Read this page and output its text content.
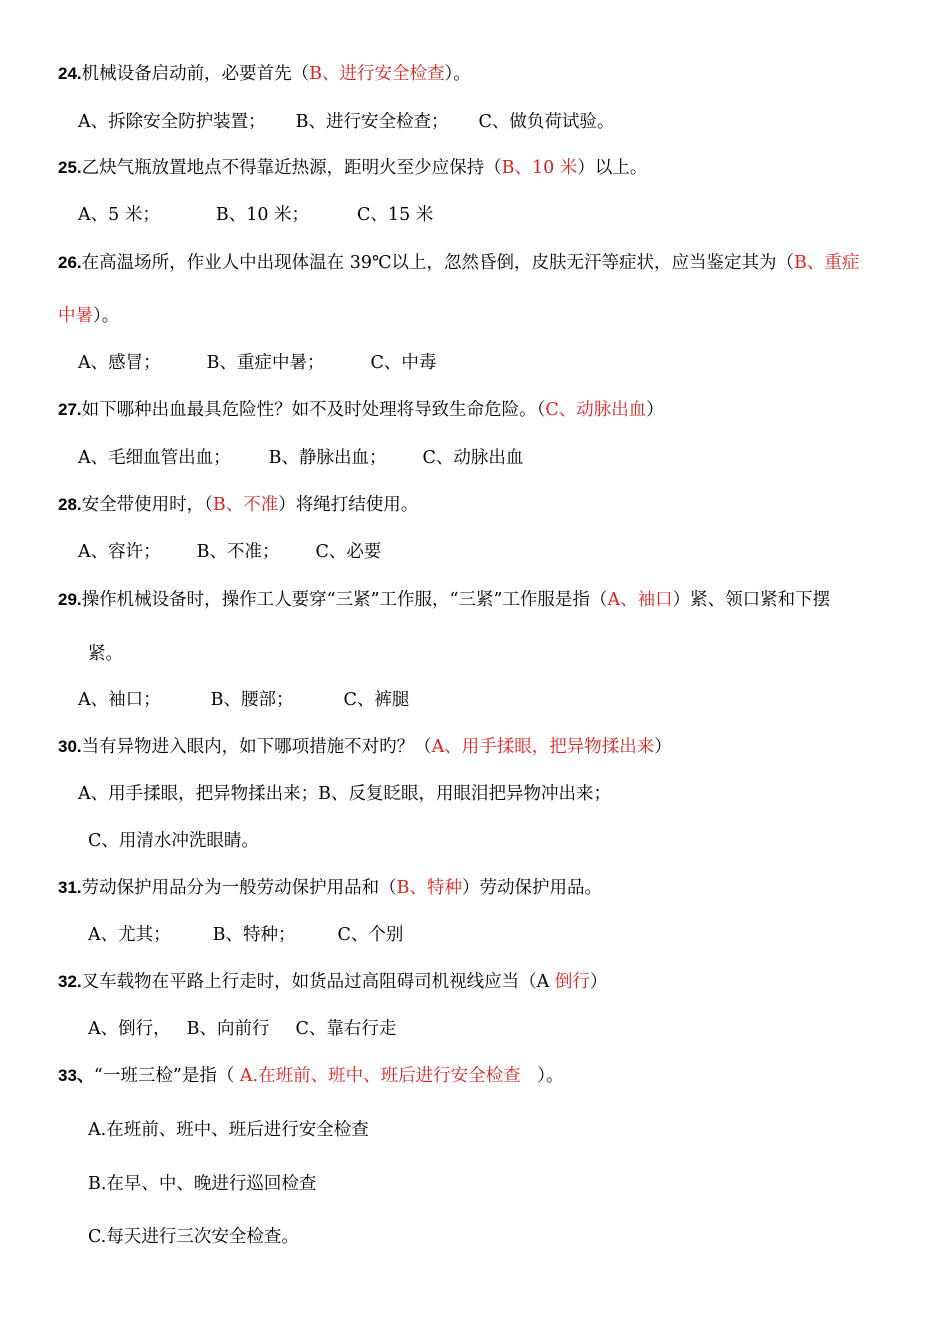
24.机械设备启动前，必要首先（B、进行安全检查）。
A、拆除安全防护装置； B、进行安全检查； C、做负荷试验。
25.乙炔气瓶放置地点不得靠近热源，距明火至少应保持（B、10 米）以上。
A、5 米；	B、10 米；	C、15 米
26.在高温场所，作业人中出现体温在 39℃以上，忽然昏倒，皮肤无汗等症状，应当鉴定其为（B、重症
中暑）。
A、感冒；	B、重症中暑；	C、中毒
27.如下哪种出血最具危险性？如不及时处理将导致生命危险。（C、动脉出血）
A、毛细血管出血； B、静脉出血； C、动脉出血
28.安全带使用时，（B、不准）将绳打结使用。
A、容许； B、不准； C、必要
29.操作机械设备时，操作工人要穿“三紧”工作服，“三紧”工作服是指（A、袖口）紧、领口紧和下摆
紧。
A、袖口；	B、腰部；	C、裤腿
30.当有异物进入眼内，如下哪项措施不对旳？（A、用手揉眼，把异物揉出来）
A、用手揉眼，把异物揉出来；B、反复眨眼，用眼泪把异物冲出来；
C、用清水冲洗眼睛。
31.劳动保护用品分为一般劳动保护用品和（B、特种）劳动保护用品。
A、尤其； B、特种； C、个别
32.叉车载物在平路上行走时，如货品过高阻碍司机视线应当（A 倒行）
A、倒行， B、向前行 C、靠右行走
33、“一班三检”是指（ A.在班前、班中、班后进行安全检查   ）。
A.在班前、班中、班后进行安全检查
B.在早、中、晚进行巡回检查
C.每天进行三次安全检查。
